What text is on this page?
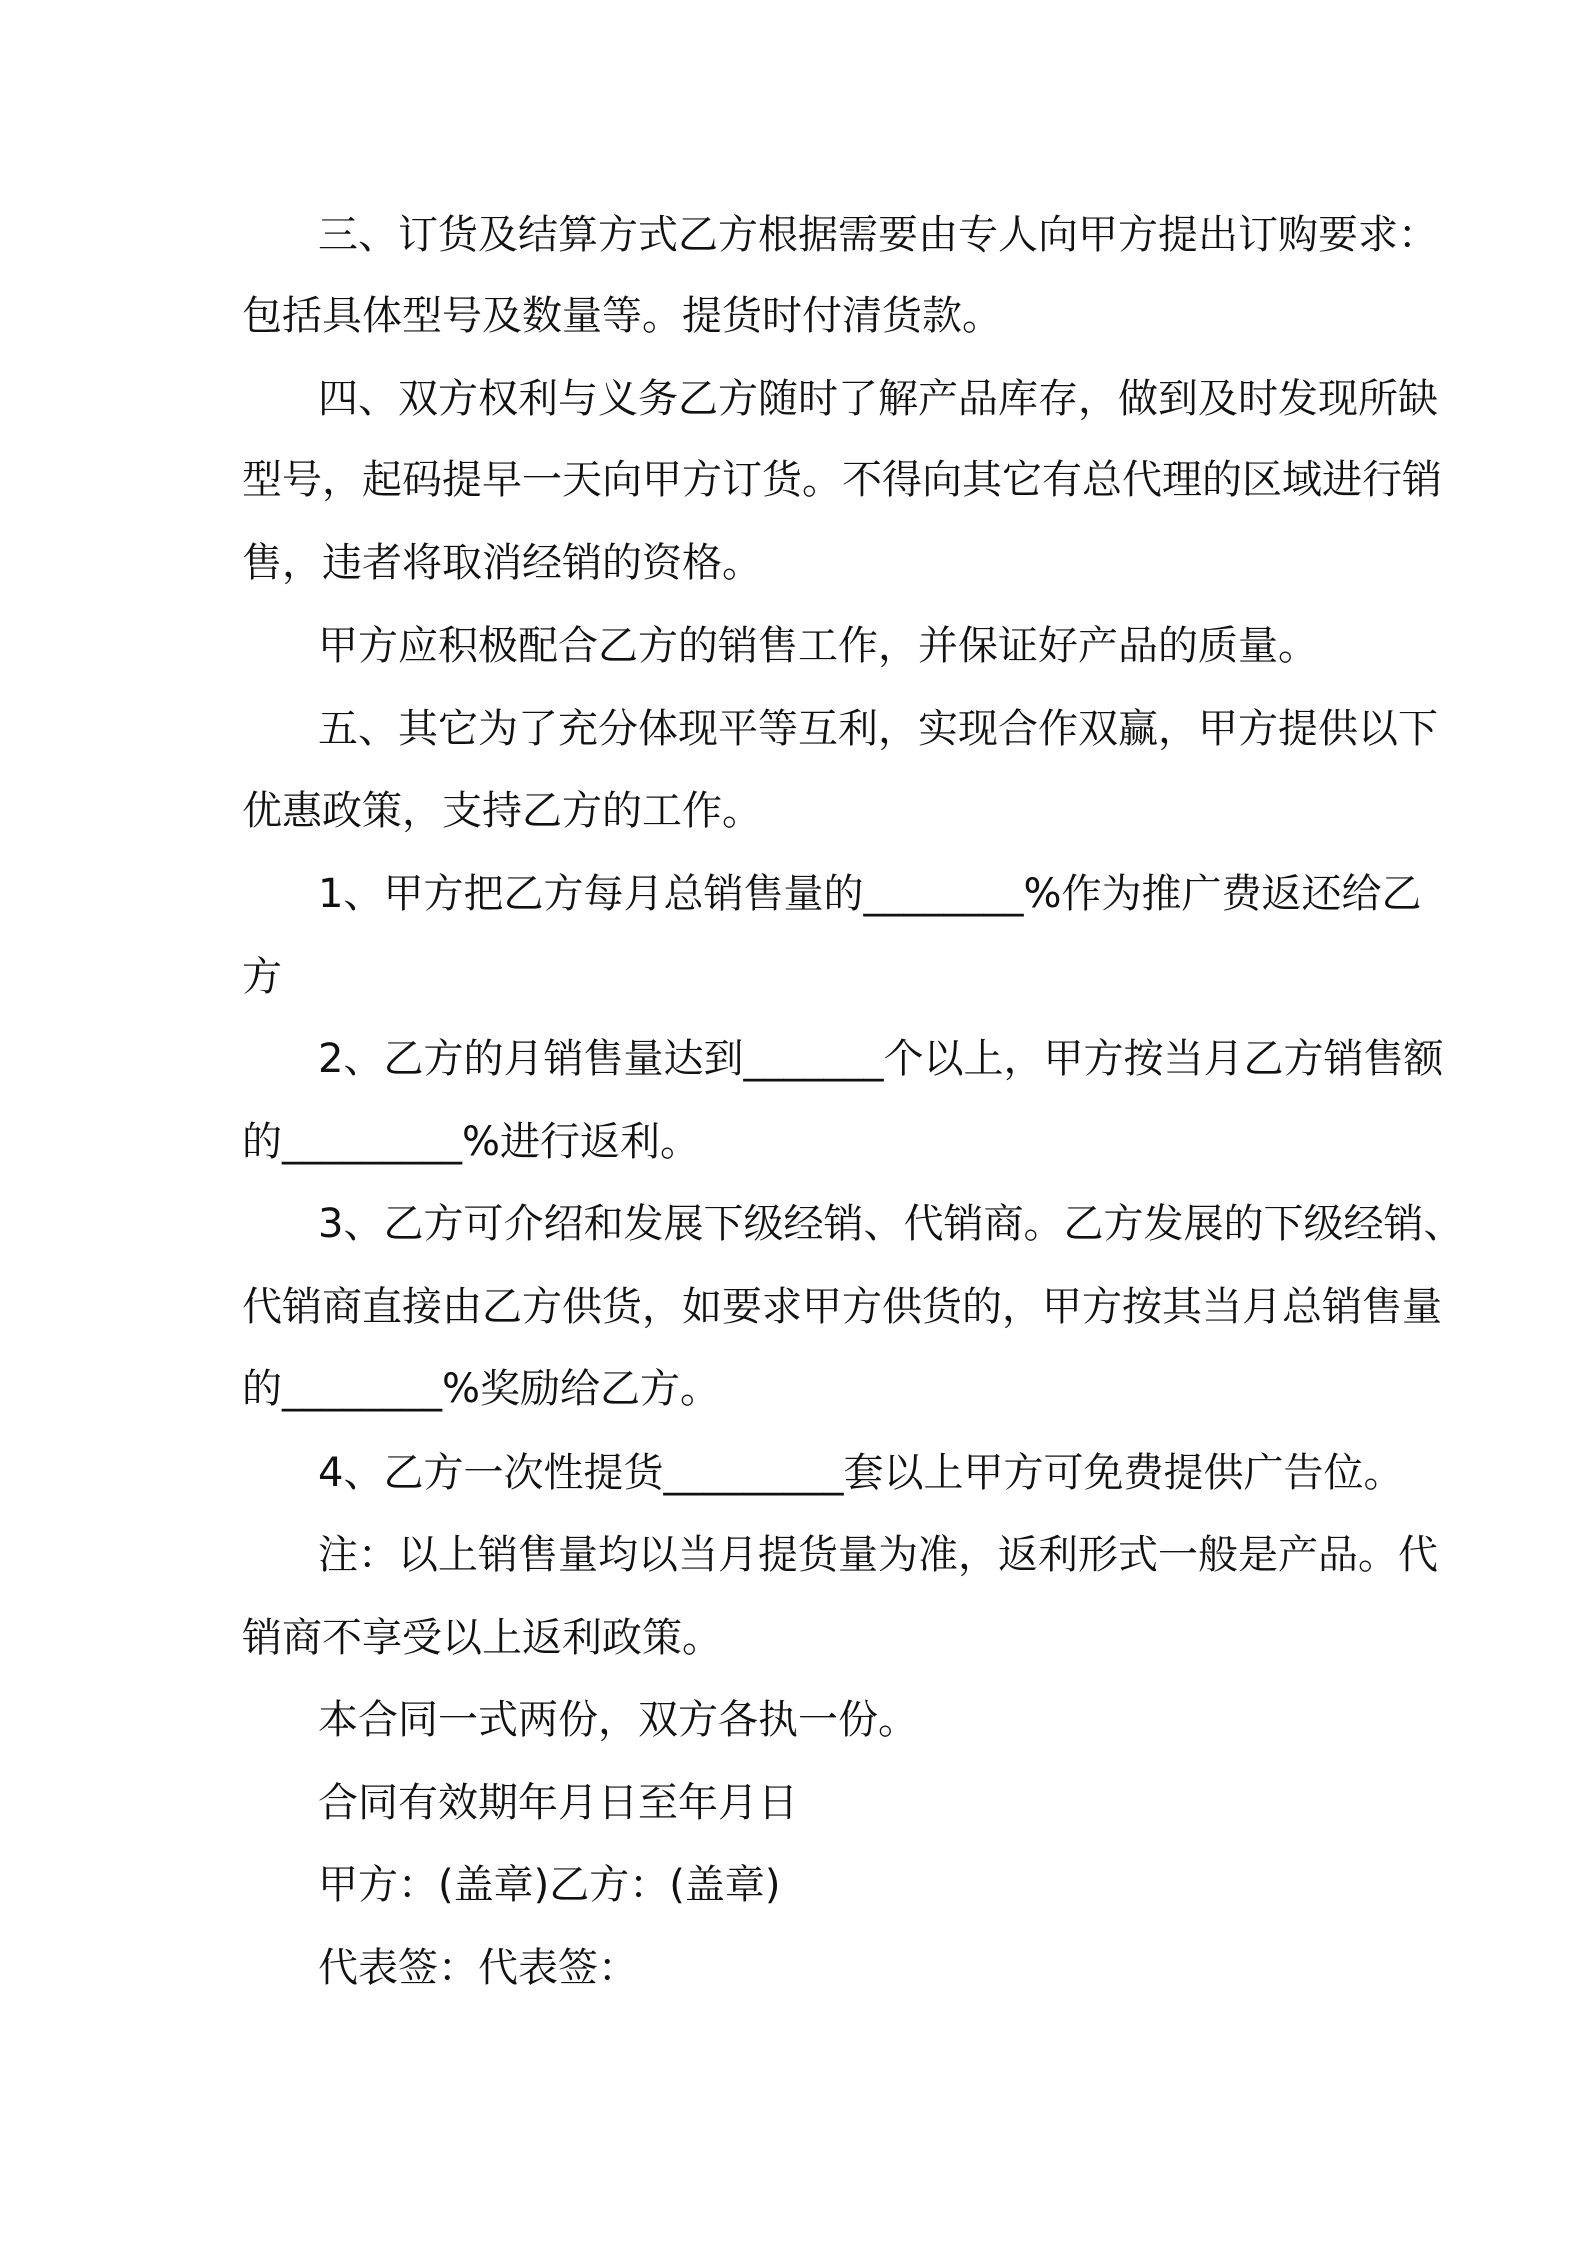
三、订货及结算方式乙方根据需要由专人向甲方提出订购要求：
包括具体型号及数量等。提货时付清货款。
四、双方权利与义务乙方随时了解产品库存，做到及时发现所缺
型号，起码提早一天向甲方订货。不得向其它有总代理的区域进行销
售，违者将取消经销的资格。
甲方应积极配合乙方的销售工作，并保证好产品的质量。
五、其它为了充分体现平等互利，实现合作双赢，甲方提供以下
优惠政策，支持乙方的工作。
1、甲方把乙方每月总销售量的________%作为推广费返还给乙
方
2、乙方的月销售量达到_______个以上，甲方按当月乙方销售额
的_________%进行返利。
3、乙方可介绍和发展下级经销、代销商。乙方发展的下级经销、
代销商直接由乙方供货，如要求甲方供货的，甲方按其当月总销售量
的________%奖励给乙方。
4、乙方一次性提货_________套以上甲方可免费提供广告位。
注：以上销售量均以当月提货量为准，返利形式一般是产品。代
销商不享受以上返利政策。
本合同一式两份，双方各执一份。
合同有效期年月日至年月日
甲方：(盖章)乙方：(盖章)
代表签：代表签：
